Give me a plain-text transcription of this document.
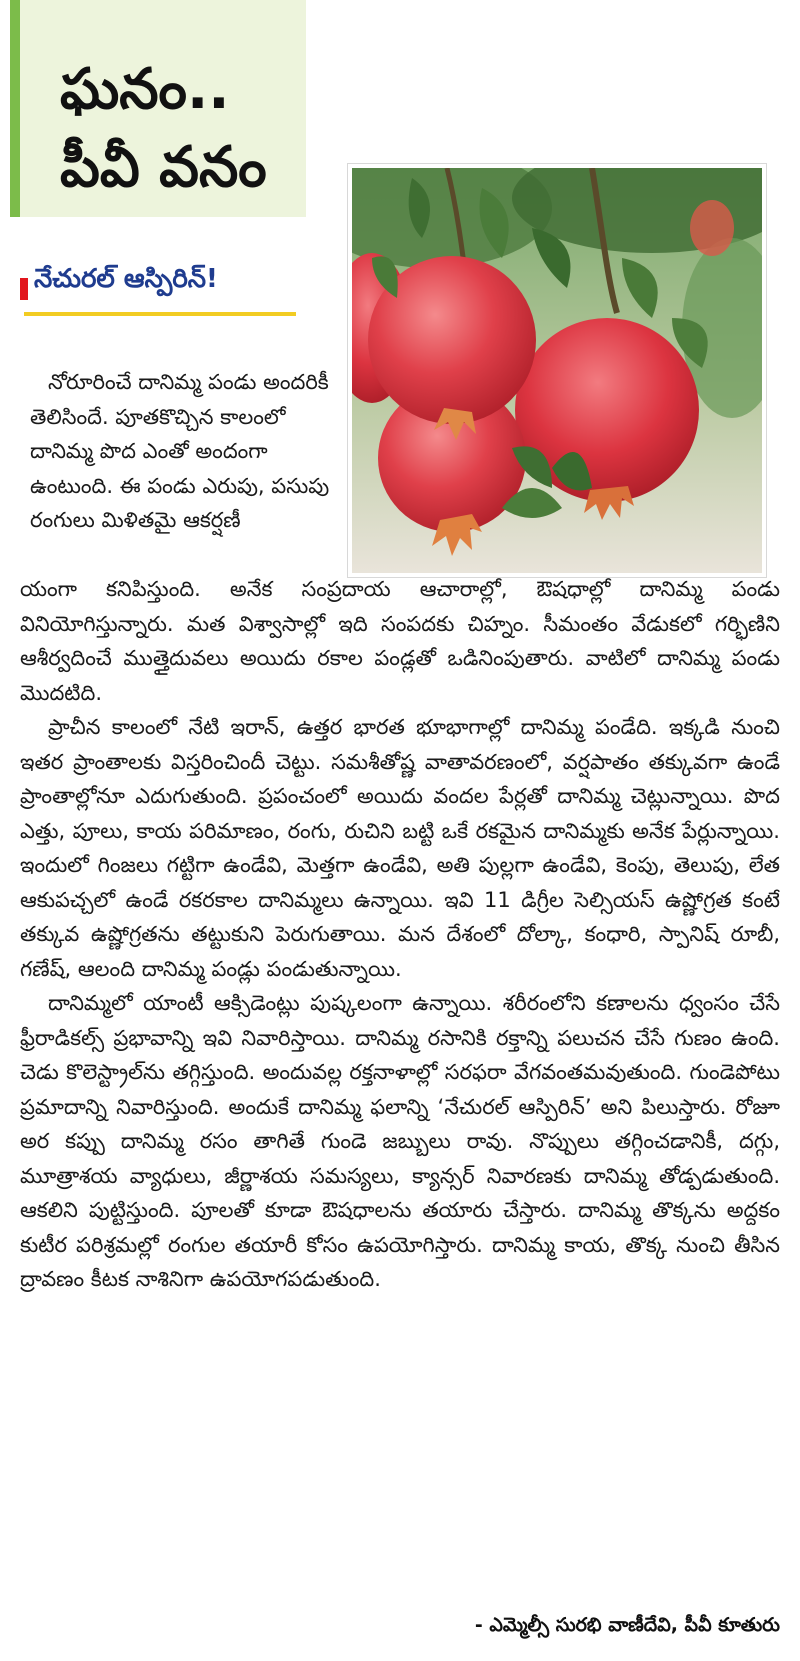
ఘనం..
పీవీ వనం
నేచురల్ ఆస్పిరిన్!

నోరూరించే దానిమ్మ పండు అందరికీ తెలిసిందే. పూతకొచ్చిన కాలంలో దానిమ్మ పొద ఎంతో అందంగా ఉంటుంది. ఈ పండు ఎరుపు, పసుపు రంగులు మిళితమై ఆకర్షణీ

యంగా కనిపిస్తుంది. అనేక సంప్రదాయ ఆచారాల్లో, ఔషధాల్లో దానిమ్మ పండు వినియోగిస్తున్నారు. మత విశ్వాసాల్లో ఇది సంపదకు చిహ్నం. సీమంతం వేడుకలో గర్భిణిని ఆశీర్వదించే ముత్తైదువలు అయిదు రకాల పండ్లతో ఒడినింపుతారు. వాటిలో దానిమ్మ పండు మొదటిది.

ప్రాచీన కాలంలో నేటి ఇరాన్, ఉత్తర భారత భూభాగాల్లో దానిమ్మ పండేది. ఇక్కడి నుంచి ఇతర ప్రాంతాలకు విస్తరించిందీ చెట్టు. సమశీతోష్ణ వాతావరణంలో, వర్షపాతం తక్కువగా ఉండే ప్రాంతాల్లోనూ ఎదుగుతుంది. ప్రపంచంలో అయిదు వందల పేర్లతో దానిమ్మ చెట్లున్నాయి. పొద ఎత్తు, పూలు, కాయ పరిమాణం, రంగు, రుచిని బట్టి ఒకే రకమైన దానిమ్మకు అనేక పేర్లున్నాయి. ఇందులో గింజలు గట్టిగా ఉండేవి, మెత్తగా ఉండేవి, అతి పుల్లగా ఉండేవి, కెంపు, తెలుపు, లేత ఆకుపచ్చలో ఉండే రకరకాల దానిమ్మలు ఉన్నాయి. ఇవి 11 డిగ్రీల సెల్సియస్ ఉష్ణోగ్రత కంటే తక్కువ ఉష్ణోగ్రతను తట్టుకుని పెరుగుతాయి. మన దేశంలో దోల్కా, కంధారి, స్పానిష్ రూబీ, గణేష్, ఆలంది దానిమ్మ పండ్లు పండుతున్నాయి.

దానిమ్మలో యాంటీ ఆక్సిడెంట్లు పుష్కలంగా ఉన్నాయి. శరీరంలోని కణాలను ధ్వంసం చేసే ఫ్రీరాడికల్స్ ప్రభావాన్ని ఇవి నివారిస్తాయి. దానిమ్మ రసానికి రక్తాన్ని పలుచన చేసే గుణం ఉంది. చెడు కొలెస్ట్రాల్‌ను తగ్గిస్తుంది. అందువల్ల రక్తనాళాల్లో సరఫరా వేగవంతమవుతుంది. గుండెపోటు ప్రమాదాన్ని నివారిస్తుంది. అందుకే దానిమ్మ ఫలాన్ని ‘నేచురల్ ఆస్పిరిన్’ అని పిలుస్తారు. రోజూ అర కప్పు దానిమ్మ రసం తాగితే గుండె జబ్బులు రావు. నొప్పులు తగ్గించడానికీ, దగ్గు, మూత్రాశయ వ్యాధులు, జీర్ణాశయ సమస్యలు, క్యాన్సర్ నివారణకు దానిమ్మ తోడ్పడుతుంది. ఆకలిని పుట్టిస్తుంది. పూలతో కూడా ఔషధాలను తయారు చేస్తారు. దానిమ్మ తొక్కను అద్దకం కుటీర పరిశ్రమల్లో రంగుల తయారీ కోసం ఉపయోగిస్తారు. దానిమ్మ కాయ, తొక్క నుంచి తీసిన ద్రావణం కీటక నాశినిగా ఉపయోగపడుతుంది.

- ఎమ్మెల్సీ సురభి వాణీదేవి, పీవీ కూతురు
